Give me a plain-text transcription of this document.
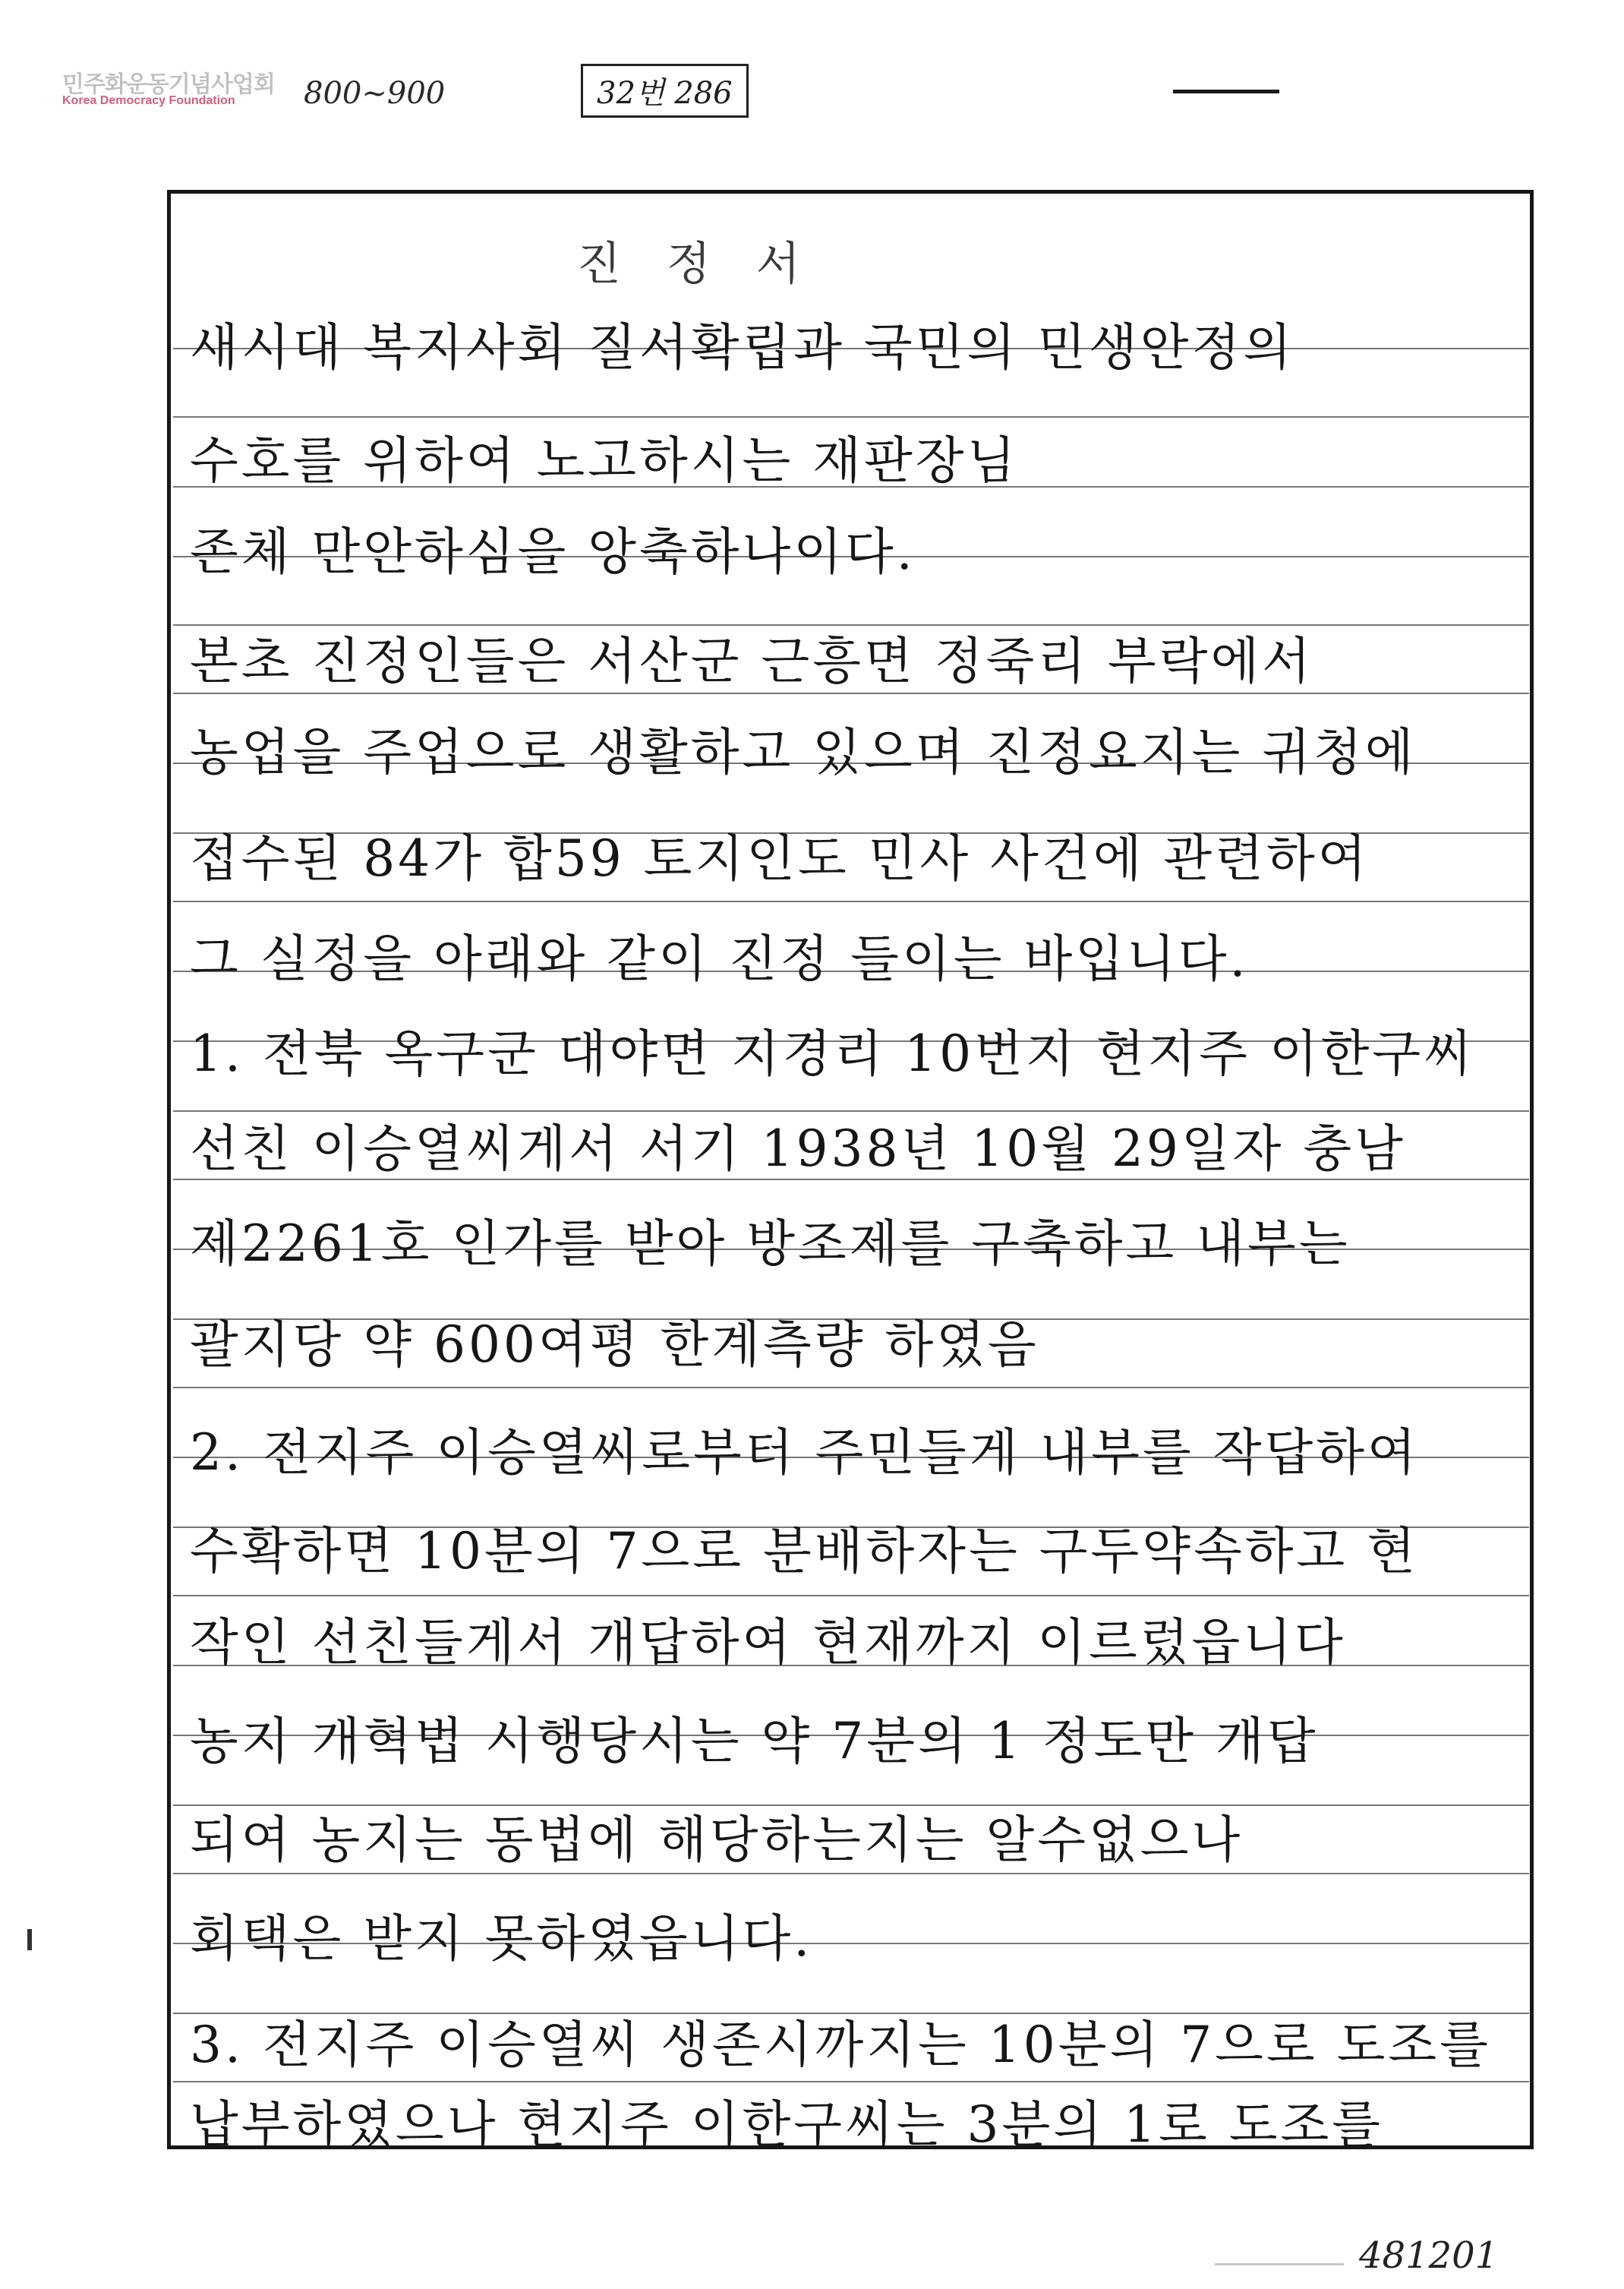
민주화운동기념사업회
Korea Democracy Foundation	800~900	32번 286
진정서
새시대 복지사회 질서확립과 국민의 민생안정의
수호를 위하여 노고하시는 재판장님
존체 만안하심을 앙축하나이다.
본초 진정인들은 서산군 근흥면 정죽리 부락에서
농업을 주업으로 생활하고 있으며 진정요지는 귀청에
접수된 84가 합59 토지인도 민사 사건에 관련하여
그 실정을 아래와 같이 진정 들이는 바입니다.
1. 전북 옥구군 대야면 지경리 10번지 현지주 이한구씨
선친 이승열씨게서 서기 1938년 10월 29일자 충남
제2261호 인가를 받아 방조제를 구축하고 내부는
괄지당 약 600여평 한계측량 하였음
2. 전지주 이승열씨로부터 주민들게 내부를 작답하여
수확하면 10분의 7으로 분배하자는 구두약속하고 현
작인 선친들게서 개답하여 현재까지 이르렀읍니다
농지 개혁법 시행당시는 약 7분의 1 정도만 개답
되여 농지는 동법에 해당하는지는 알수없으나
회택은 받지 못하였읍니다.
3. 전지주 이승열씨 생존시까지는 10분의 7으로 도조를
납부하였으나 현지주 이한구씨는 3분의 1로 도조를
481201
